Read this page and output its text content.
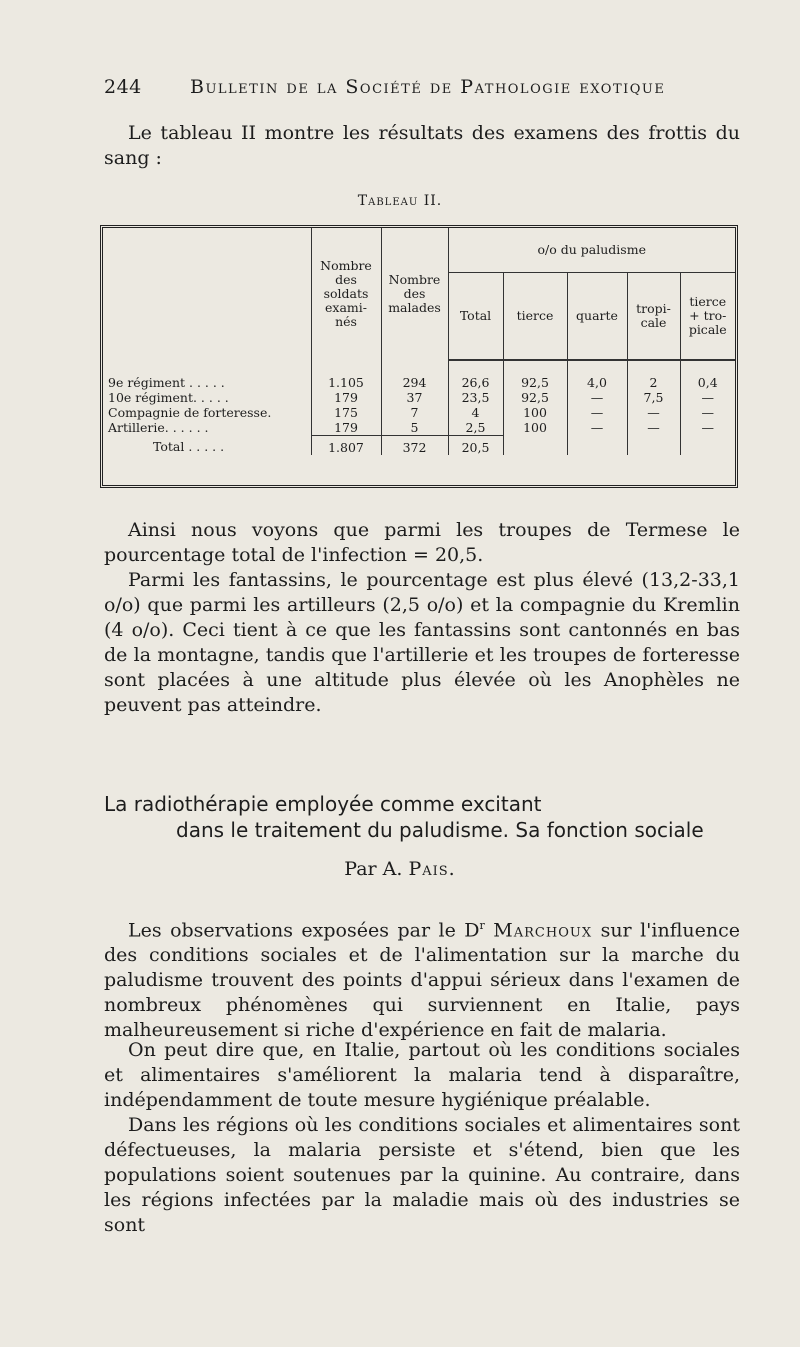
244	Bulletin de la Société de Pathologie exotique
Le tableau II montre les résultats des examens des frottis du sang :
Tableau II.
	Nombre des soldats exami-nés	Nombre des malades	o/o du paludisme				
			Total	tierce	quarte	tropi-cale	tierce + tro-picale

9e régiment . . . . .	1.105	294	26,6	92,5	4,0	2	0,4
10e régiment. . . . .	179	37	23,5	92,5	—	7,5	—
Compagnie de forteresse.	175	7	4	100	—	—	—
Artillerie. . . . . .	179	5	2,5	100	—	—	—
Total . . . . .	1.807	372	20,5				
Ainsi nous voyons que parmi les troupes de Termese le pourcentage total de l'infection = 20,5.
Parmi les fantassins, le pourcentage est plus élevé (13,2-33,1 o/o) que parmi les artilleurs (2,5 o/o) et la compagnie du Kremlin (4 o/o). Ceci tient à ce que les fantassins sont cantonnés en bas de la montagne, tandis que l'artillerie et les troupes de forteresse sont placées à une altitude plus élevée où les Anophèles ne peuvent pas atteindre.
La radiothérapie employée comme excitant
dans le traitement du paludisme. Sa fonction sociale
Par A. Pais.
Les observations exposées par le $D^r$ Marchoux sur l'influence des conditions sociales et de l'alimentation sur la marche du paludisme trouvent des points d'appui sérieux dans l'examen de nombreux phénomènes qui surviennent en Italie, pays malheureusement si riche d'expérience en fait de malaria.
On peut dire que, en Italie, partout où les conditions sociales et alimentaires s'améliorent la malaria tend à disparaître, indépendamment de toute mesure hygiénique préalable.
Dans les régions où les conditions sociales et alimentaires sont défectueuses, la malaria persiste et s'étend, bien que les populations soient soutenues par la quinine. Au contraire, dans les régions infectées par la maladie mais où des industries se sont
